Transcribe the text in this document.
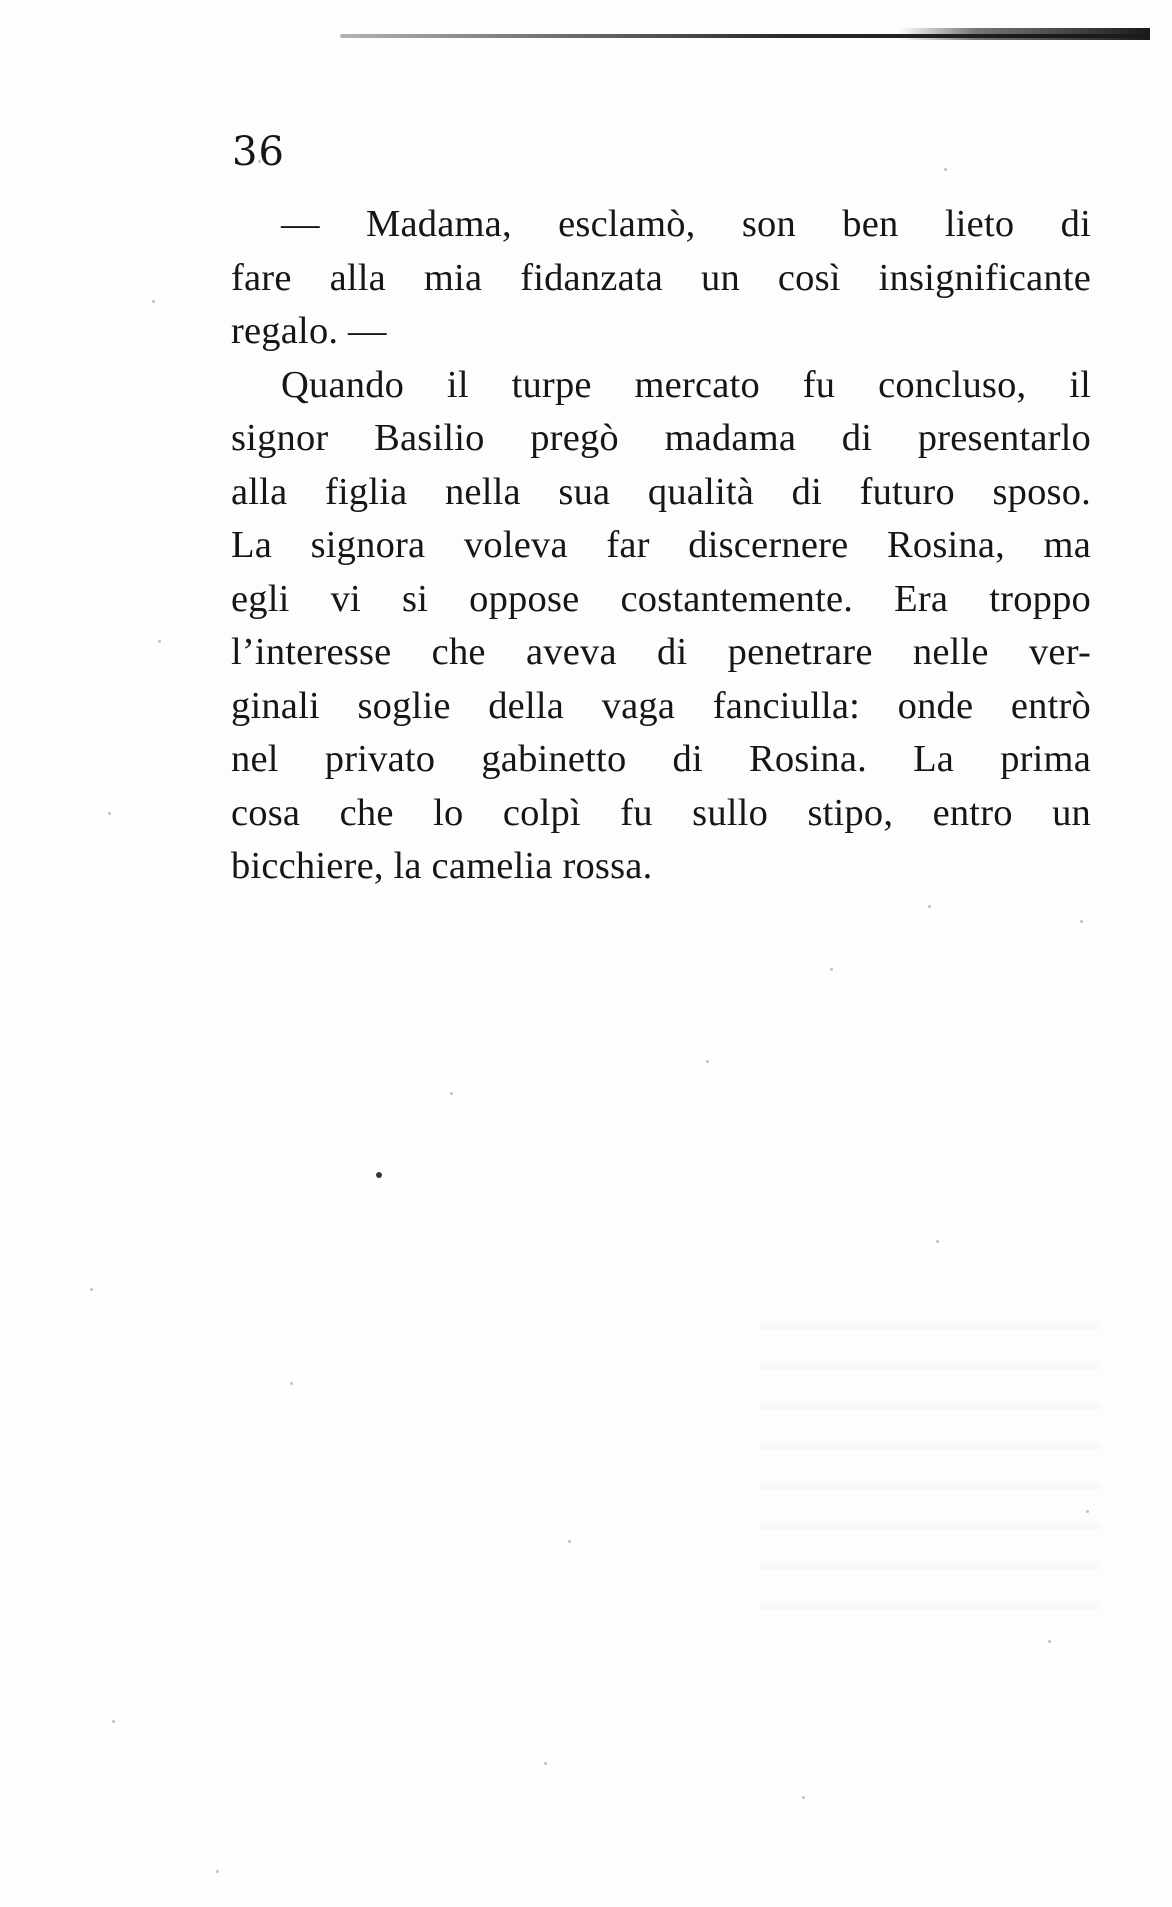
36
— Madama, esclamò, son ben lieto di
fare alla mia fidanzata un così insignificante
regalo. —
Quando il turpe mercato fu concluso, il
signor Basilio pregò madama di presentarlo
alla figlia nella sua qualità di futuro sposo.
La signora voleva far discernere Rosina, ma
egli vi si oppose costantemente. Era troppo
l’interesse che aveva di penetrare nelle ver-
ginali soglie della vaga fanciulla: onde entrò
nel privato gabinetto di Rosina. La prima
cosa che lo colpì fu sullo stipo, entro un
bicchiere, la camelia rossa.
